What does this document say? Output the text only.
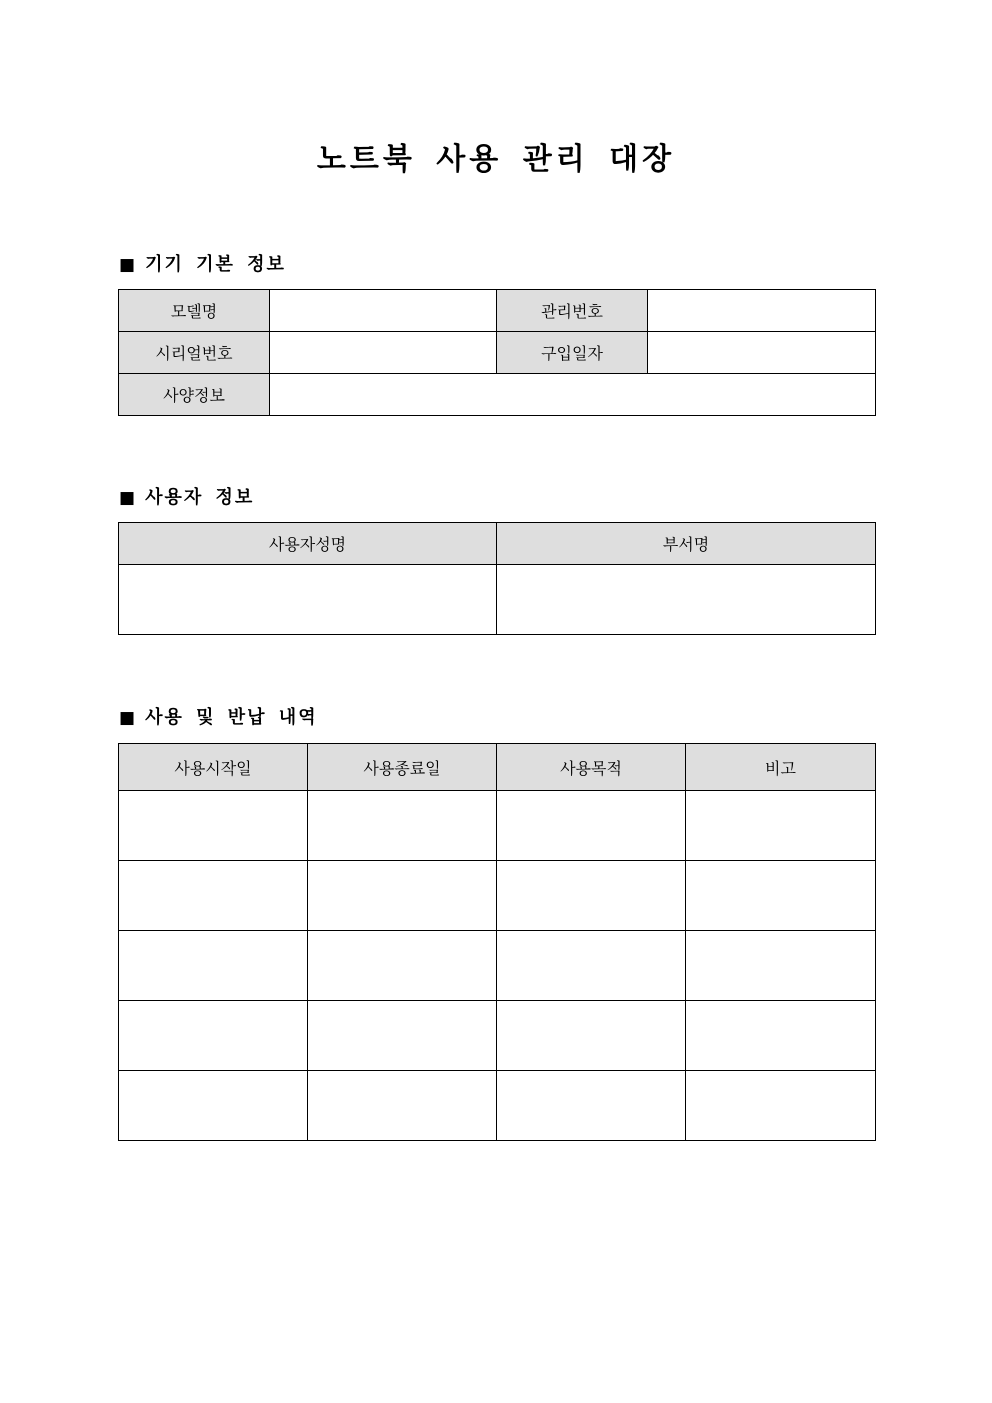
노트북 사용 관리 대장
■ 기기 기본 정보
모델명		관리번호	
시리얼번호		구입일자	
사양정보			
■ 사용자 정보
사용자성명	부서명

■ 사용 및 반납 내역
사용시작일	사용종료일	사용목적	비고
